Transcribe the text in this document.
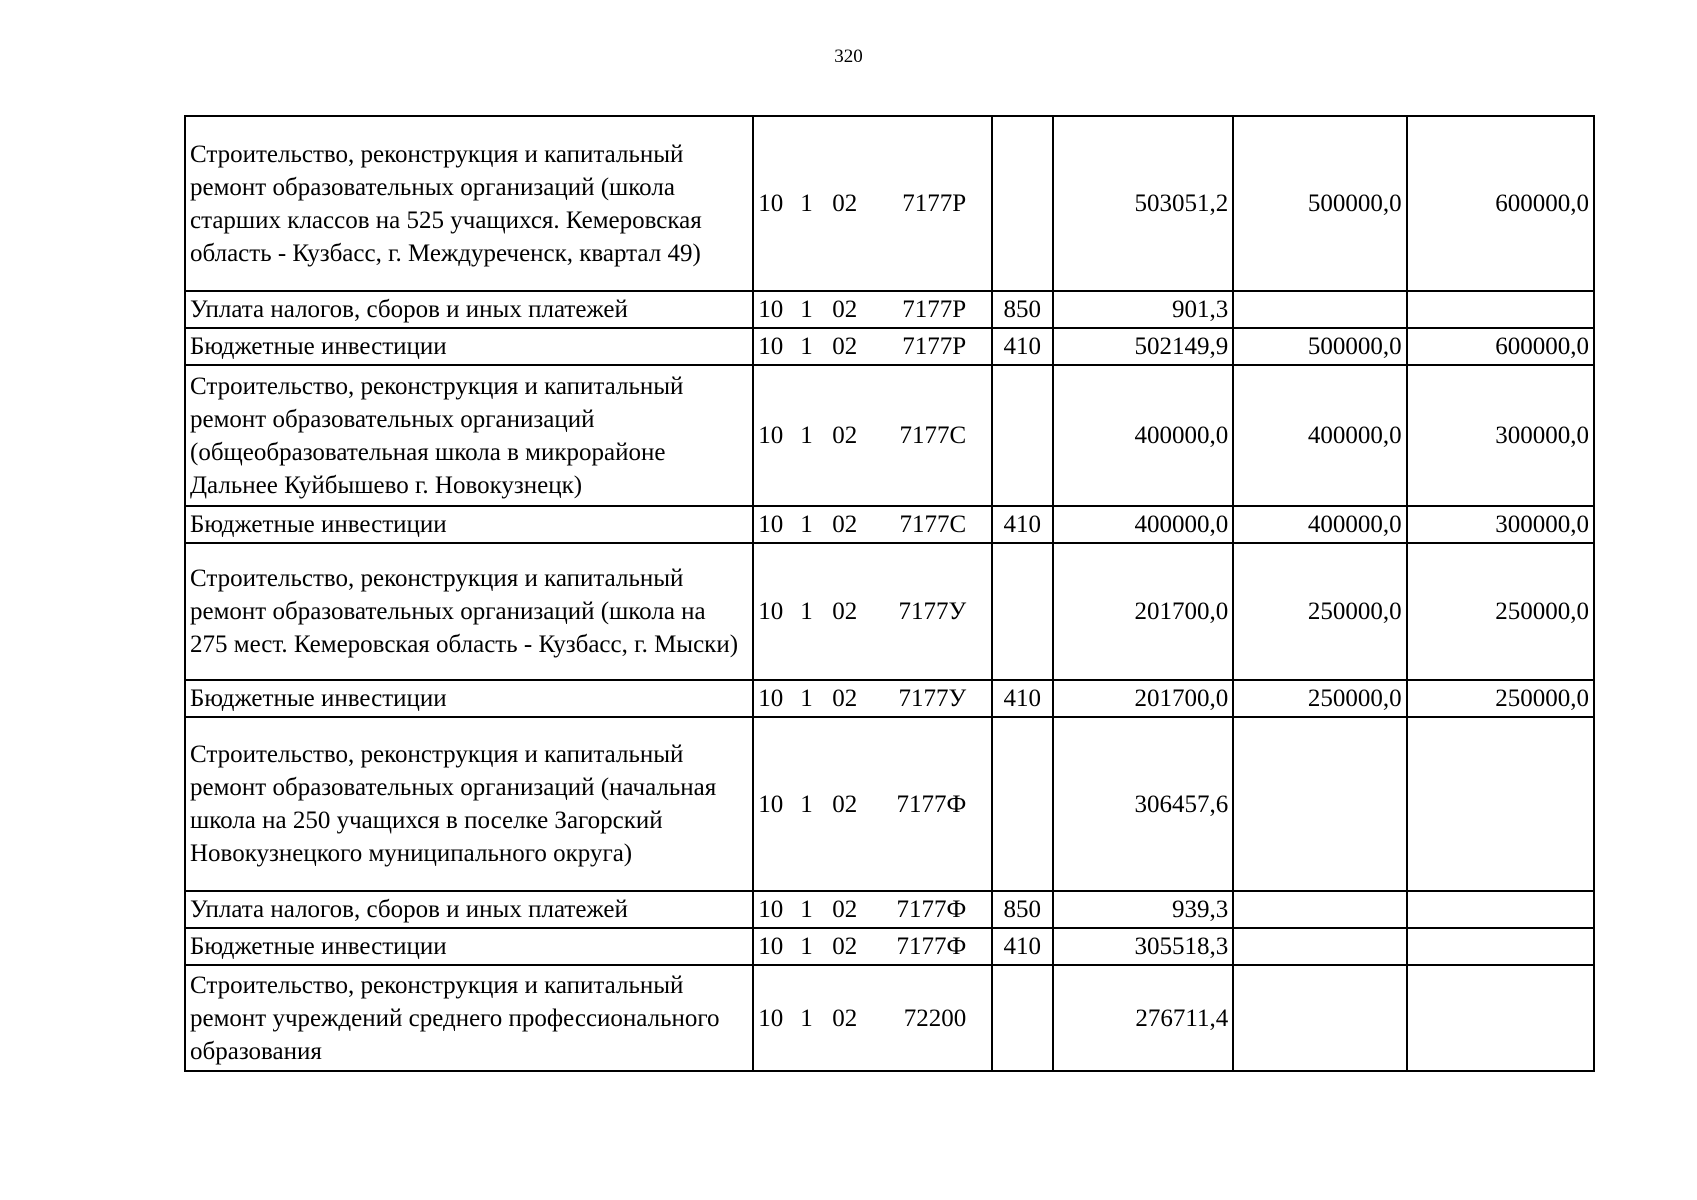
320
Строительство, реконструкция и капитальный ремонт образовательных организаций (школа старших классов на 525 учащихся. Кемеровская область - Кузбасс, г. Междуреченск, квартал 49)	10 1 02 7177Р		503051,2	500000,0	600000,0
Уплата налогов, сборов и иных платежей	10 1 02 7177Р	850	901,3		
Бюджетные инвестиции	10 1 02 7177Р	410	502149,9	500000,0	600000,0
Строительство, реконструкция и капитальный ремонт образовательных организаций (общеобразовательная школа в микрорайоне Дальнее Куйбышево г. Новокузнецк)	10 1 02 7177С		400000,0	400000,0	300000,0
Бюджетные инвестиции	10 1 02 7177С	410	400000,0	400000,0	300000,0
Строительство, реконструкция и капитальный ремонт образовательных организаций (школа на 275 мест. Кемеровская область - Кузбасс, г. Мыски)	10 1 02 7177У		201700,0	250000,0	250000,0
Бюджетные инвестиции	10 1 02 7177У	410	201700,0	250000,0	250000,0
Строительство, реконструкция и капитальный ремонт образовательных организаций (начальная школа на 250 учащихся в поселке Загорский Новокузнецкого муниципального округа)	10 1 02 7177Ф		306457,6		
Уплата налогов, сборов и иных платежей	10 1 02 7177Ф	850	939,3		
Бюджетные инвестиции	10 1 02 7177Ф	410	305518,3		
Строительство, реконструкция и капитальный ремонт учреждений среднего профессионального образования	10 1 02 72200		276711,4		
